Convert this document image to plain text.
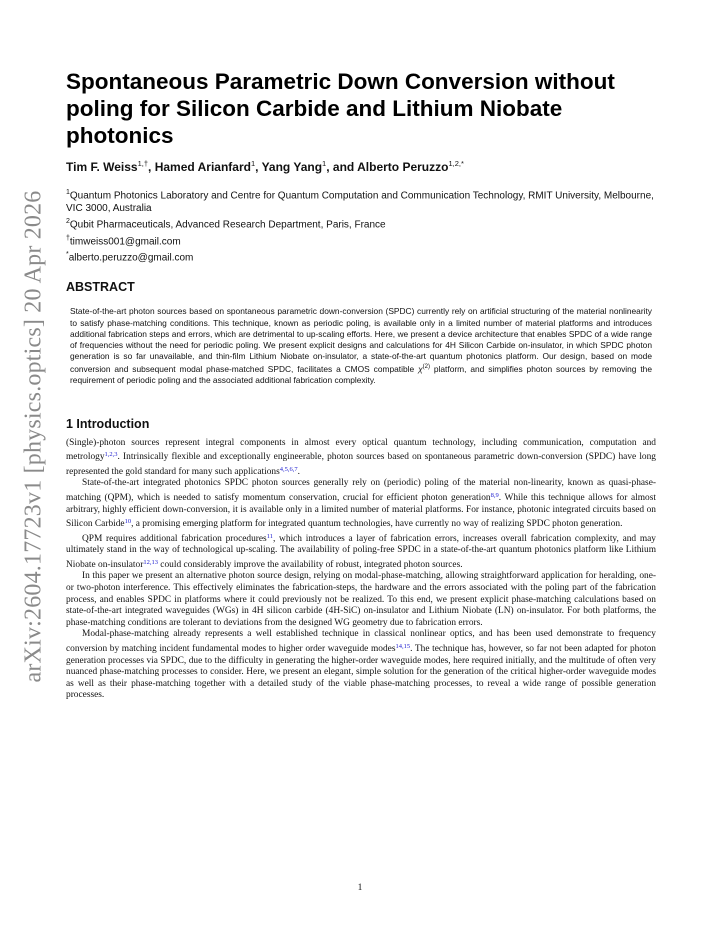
arXiv:2604.17723v1 [physics.optics] 20 Apr 2026
Spontaneous Parametric Down Conversion without poling for Silicon Carbide and Lithium Niobate photonics
Tim F. Weiss$^{1,\dagger}$, Hamed Arianfard$^1$, Yang Yang$^1$, and Alberto Peruzzo$^{1,2,*}$
$^1$Quantum Photonics Laboratory and Centre for Quantum Computation and Communication Technology, RMIT University, Melbourne, VIC 3000, Australia
$^2$Qubit Pharmaceuticals, Advanced Research Department, Paris, France
†timweiss001@gmail.com
*alberto.peruzzo@gmail.com
ABSTRACT
State-of-the-art photon sources based on spontaneous parametric down-conversion (SPDC) currently rely on artificial structuring of the material nonlinearity to satisfy phase-matching conditions. This technique, known as periodic poling, is available only in a limited number of material platforms and introduces additional fabrication steps and errors, which are detrimental to up-scaling efforts. Here, we present a device architecture that enables SPDC of a wide range of frequencies without the need for periodic poling. We present explicit designs and calculations for 4H Silicon Carbide on-insulator, in which SPDC photon generation is so far unavailable, and thin-film Lithium Niobate on-insulator, a state-of-the-art quantum photonics platform. Our design, based on mode conversion and subsequent modal phase-matched SPDC, facilitates a CMOS compatible $\chi^{(2)}$ platform, and simplifies photon sources by removing the requirement of periodic poling and the associated additional fabrication complexity.
1 Introduction

(Single)-photon sources represent integral components in almost every optical quantum technology, including communication, computation and metrology$^{1,2,3}$. Intrinsically flexible and exceptionally engineerable, photon sources based on spontaneous parametric down-conversion (SPDC) have long represented the gold standard for many such applications$^{4,5,6,7}$.

State-of-the-art integrated photonics SPDC photon sources generally rely on (periodic) poling of the material non-linearity, known as quasi-phase-matching (QPM), which is needed to satisfy momentum conservation, crucial for efficient photon generation$^{8,9}$. While this technique allows for almost arbitrary, highly efficient down-conversion, it is available only in a limited number of material platforms. For instance, photonic integrated circuits based on Silicon Carbide$^{10}$, a promising emerging platform for integrated quantum technologies, have currently no way of realizing SPDC photon generation.

QPM requires additional fabrication procedures$^{11}$, which introduces a layer of fabrication errors, increases overall fabrication complexity, and may ultimately stand in the way of technological up-scaling. The availability of poling-free SPDC in a state-of-the-art quantum photonics platform like Lithium Niobate on-insulator$^{12,13}$ could considerably improve the availability of robust, integrated photon sources.

In this paper we present an alternative photon source design, relying on modal-phase-matching, allowing straightforward application for heralding, one- or two-photon interference. This effectively eliminates the fabrication-steps, the hardware and the errors associated with the poling part of the fabrication process, and enables SPDC in platforms where it could previously not be realized. To this end, we present explicit phase-matching calculations based on state-of-the-art integrated waveguides (WGs) in 4H silicon carbide (4H-SiC) on-insulator and Lithium Niobate (LN) on-insulator. For both platforms, the phase-matching conditions are tolerant to deviations from the designed WG geometry due to fabrication errors.

Modal-phase-matching already represents a well established technique in classical nonlinear optics, and has been used demonstrate to frequency conversion by matching incident fundamental modes to higher order waveguide modes$^{14,15}$. The technique has, however, so far not been adapted for photon generation processes via SPDC, due to the difficulty in generating the higher-order waveguide modes, here required initially, and the multitude of often very nuanced phase-matching processes to consider. Here, we present an elegant, simple solution for the generation of the critical higher-order waveguide modes as well as their phase-matching together with a detailed study of the viable phase-matching processes, to reveal a wide range of possible generation processes.

1
